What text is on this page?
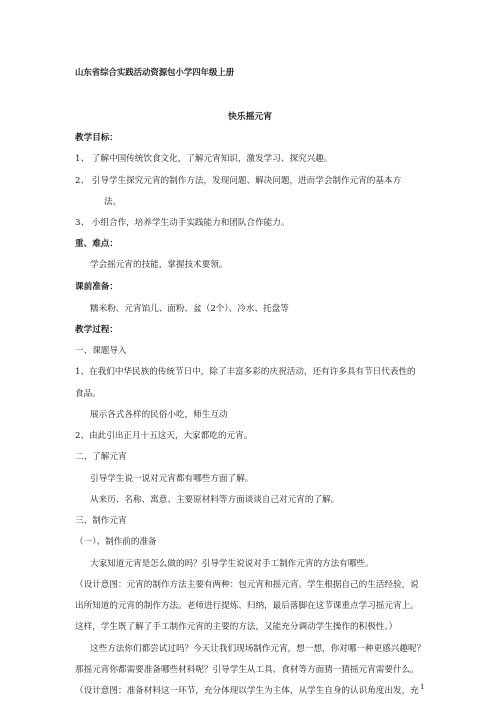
山东省综合实践活动资源包小学四年级上册
快乐摇元宵
教学目标：
1、 了解中国传统饮食文化，了解元宵知识，激发学习、探究兴趣。
2、 引导学生探究元宵的制作方法，发现问题、解决问题，进而学会制作元宵的基本方
法。
3、 小组合作，培养学生动手实践能力和团队合作能力。
重、难点：
学会摇元宵的技能，掌握技术要领。
课前准备：
糯米粉、元宵馅儿、面粉、盆（2个）、冷水、托盘等
教学过程：
一、课题导入
1、在我们中华民族的传统节日中，除了丰富多彩的庆祝活动，还有许多具有节日代表性的
食品。
展示各式各样的民俗小吃，师生互动
2、由此引出正月十五这天，大家都吃的元宵。
二、了解元宵
引导学生说一说对元宵都有哪些方面了解。
从来历、名称、寓意、主要原材料等方面谈谈自己对元宵的了解。
三、制作元宵
（一）、制作前的准备
大家知道元宵是怎么做的吗？引导学生说说对手工制作元宵的方法有哪些。
（设计意图：元宵的制作方法主要有两种：包元宵和摇元宵。学生根据自己的生活经验，说
出所知道的元宵的制作方法。老师进行提炼、归纳，最后落脚在这节课重点学习摇元宵上。
这样，学生既了解了手工制作元宵的主要的方法，又能充分调动学生操作的积极性。）
这些方法你们都尝试过吗？今天让我们现场制作元宵，想一想，你对哪一种更感兴趣呢？
那摇元宵你都需要准备哪些材料呢？引导学生从工具、食材等方面猜一猜摇元宵需要什么。
（设计意图：准备材料这一环节，充分体现以学生为主体，从学生自身的认识角度出发，充 1
